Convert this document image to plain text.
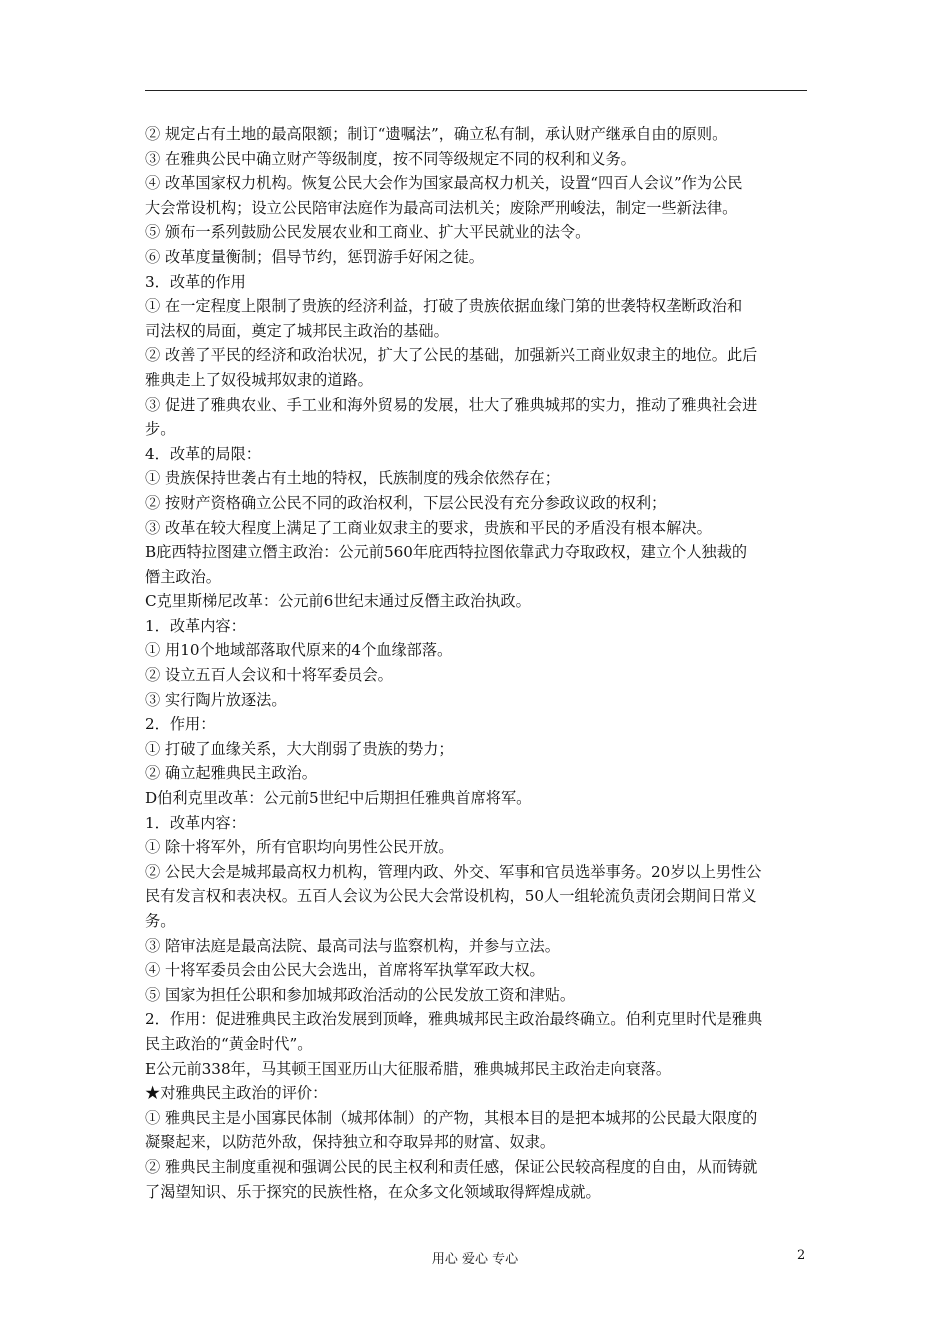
② 规定占有土地的最高限额；制订“遗嘱法”，确立私有制，承认财产继承自由的原则。
③ 在雅典公民中确立财产等级制度，按不同等级规定不同的权利和义务。
④ 改革国家权力机构。恢复公民大会作为国家最高权力机关，设置“四百人会议”作为公民
大会常设机构；设立公民陪审法庭作为最高司法机关；废除严刑峻法，制定一些新法律。
⑤ 颁布一系列鼓励公民发展农业和工商业、扩大平民就业的法令。
⑥ 改革度量衡制；倡导节约，惩罚游手好闲之徒。
3．改革的作用
① 在一定程度上限制了贵族的经济利益，打破了贵族依据血缘门第的世袭特权垄断政治和
司法权的局面，奠定了城邦民主政治的基础。
② 改善了平民的经济和政治状况，扩大了公民的基础，加强新兴工商业奴隶主的地位。此后
雅典走上了奴役城邦奴隶的道路。
③ 促进了雅典农业、手工业和海外贸易的发展，壮大了雅典城邦的实力，推动了雅典社会进
步。
4．改革的局限：
① 贵族保持世袭占有土地的特权，氏族制度的残余依然存在；
② 按财产资格确立公民不同的政治权利，下层公民没有充分参政议政的权利；
③ 改革在较大程度上满足了工商业奴隶主的要求，贵族和平民的矛盾没有根本解决。
B庇西特拉图建立僭主政治：公元前560年庇西特拉图依靠武力夺取政权，建立个人独裁的
僭主政治。
C克里斯梯尼改革：公元前6世纪末通过反僭主政治执政。
1．改革内容：
① 用10个地域部落取代原来的4个血缘部落。
② 设立五百人会议和十将军委员会。
③ 实行陶片放逐法。
2．作用：
① 打破了血缘关系，大大削弱了贵族的势力；
② 确立起雅典民主政治。
D伯利克里改革：公元前5世纪中后期担任雅典首席将军。
1．改革内容：
① 除十将军外，所有官职均向男性公民开放。
② 公民大会是城邦最高权力机构，管理内政、外交、军事和官员选举事务。20岁以上男性公
民有发言权和表决权。五百人会议为公民大会常设机构，50人一组轮流负责闭会期间日常义
务。
③ 陪审法庭是最高法院、最高司法与监察机构，并参与立法。
④ 十将军委员会由公民大会选出，首席将军执掌军政大权。
⑤ 国家为担任公职和参加城邦政治活动的公民发放工资和津贴。
2．作用：促进雅典民主政治发展到顶峰，雅典城邦民主政治最终确立。伯利克里时代是雅典
民主政治的“黄金时代”。
E公元前338年，马其顿王国亚历山大征服希腊，雅典城邦民主政治走向衰落。
★对雅典民主政治的评价：
① 雅典民主是小国寡民体制（城邦体制）的产物，其根本目的是把本城邦的公民最大限度的
凝聚起来，以防范外敌，保持独立和夺取异邦的财富、奴隶。
② 雅典民主制度重视和强调公民的民主权利和责任感，保证公民较高程度的自由，从而铸就
了渴望知识、乐于探究的民族性格，在众多文化领域取得辉煌成就。
用心 爱心 专心	2
